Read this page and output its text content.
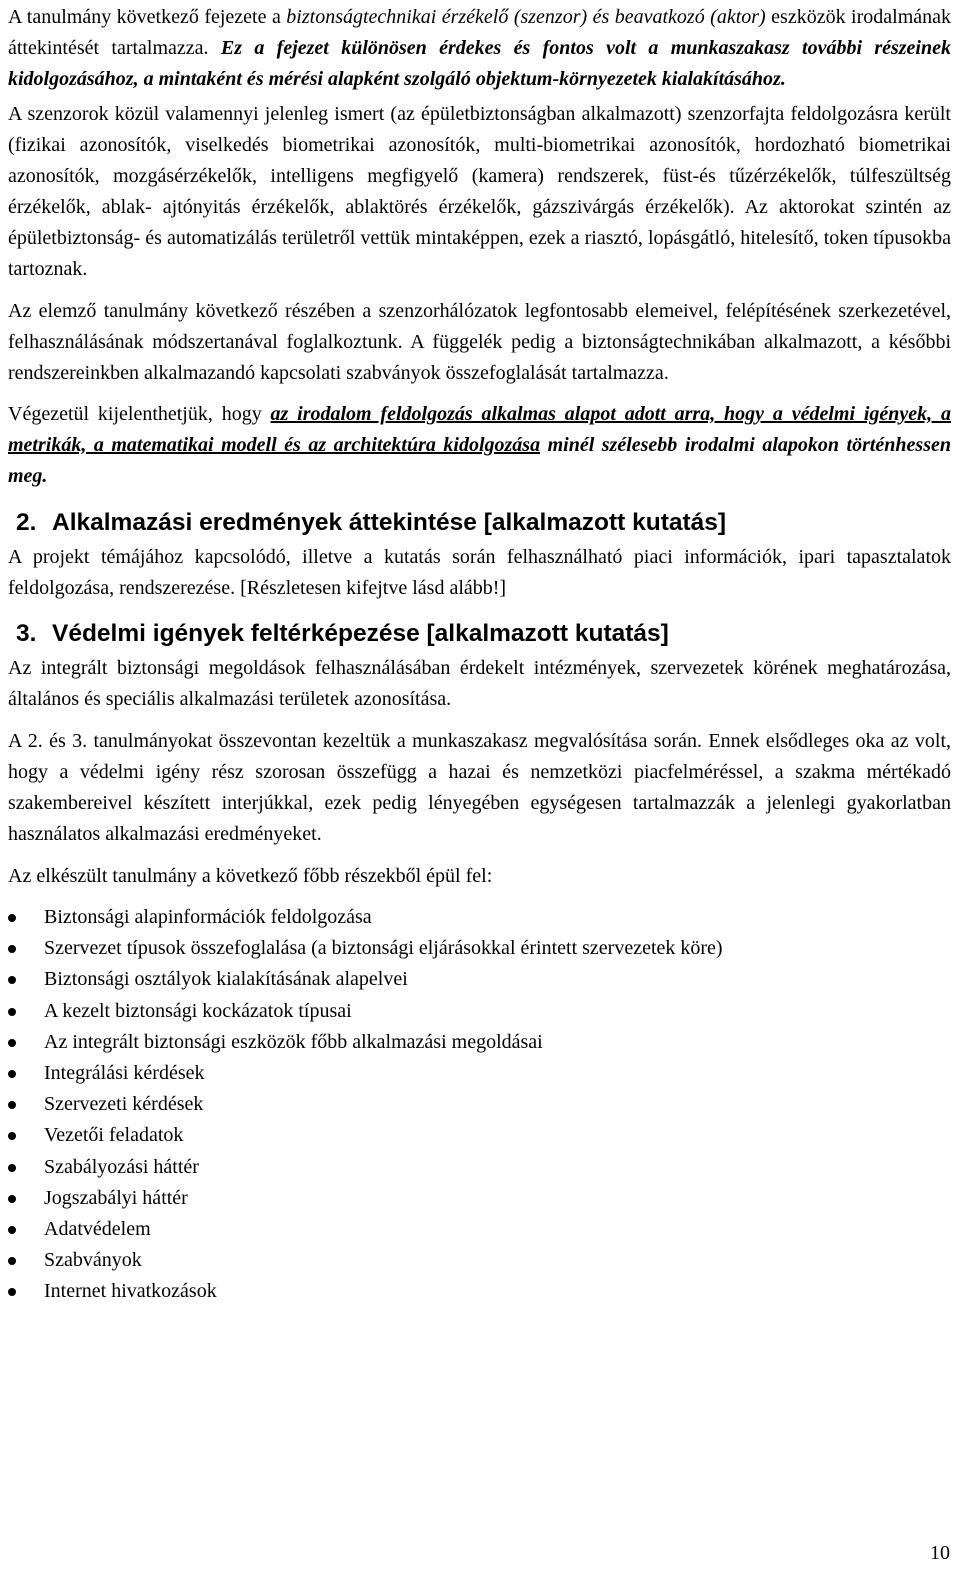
A tanulmány következő fejezete a biztonságtechnikai érzékelő (szenzor) és beavatkozó (aktor) eszközök irodalmának áttekintését tartalmazza. Ez a fejezet különösen érdekes és fontos volt a munkaszakasz további részeinek kidolgozásához, a mintaként és mérési alapként szolgáló objektum-környezetek kialakításához.

A szenzorok közül valamennyi jelenleg ismert (az épületbiztonságban alkalmazott) szenzorfajta feldolgozásra került (fizikai azonosítók, viselkedés biometrikai azonosítók, multi-biometrikai azonosítók, hordozható biometrikai azonosítók, mozgásérzékelők, intelligens megfigyelő (kamera) rendszerek, füst-és tűzérzékelők, túlfeszültség érzékelők, ablak- ajtónyitás érzékelők, ablaktörés érzékelők, gázszivárgás érzékelők). Az aktorokat szintén az épületbiztonság- és automatizálás területről vettük mintaképpen, ezek a riasztó, lopásgátló, hitelesítő, token típusokba tartoznak.

Az elemző tanulmány következő részében a szenzorhálózatok legfontosabb elemeivel, felépítésének szerkezetével, felhasználásának módszertanával foglalkoztunk. A függelék pedig a biztonságtechnikában alkalmazott, a későbbi rendszereinkben alkalmazandó kapcsolati szabványok összefoglalását tartalmazza.

Végezetül kijelenthetjük, hogy az irodalom feldolgozás alkalmas alapot adott arra, hogy a védelmi igények, a metrikák, a matematikai modell és az architektúra kidolgozása minél szélesebb irodalmi alapokon történhessen meg.

2. Alkalmazási eredmények áttekintése [alkalmazott kutatás]

A projekt témájához kapcsolódó, illetve a kutatás során felhasználható piaci információk, ipari tapasztalatok feldolgozása, rendszerezése. [Részletesen kifejtve lásd alább!]

3. Védelmi igények feltérképezése [alkalmazott kutatás]

Az integrált biztonsági megoldások felhasználásában érdekelt intézmények, szervezetek körének meghatározása, általános és speciális alkalmazási területek azonosítása.

A 2. és 3. tanulmányokat összevontan kezeltük a munkaszakasz megvalósítása során. Ennek elsődleges oka az volt, hogy a védelmi igény rész szorosan összefügg a hazai és nemzetközi piacfelméréssel, a szakma mértékadó szakembereivel készített interjúkkal, ezek pedig lényegében egységesen tartalmazzák a jelenlegi gyakorlatban használatos alkalmazási eredményeket.

Az elkészült tanulmány a következő főbb részekből épül fel:

Biztonsági alapinformációk feldolgozása
Szervezet típusok összefoglalása (a biztonsági eljárásokkal érintett szervezetek köre)
Biztonsági osztályok kialakításának alapelvei
A kezelt biztonsági kockázatok típusai
Az integrált biztonsági eszközök főbb alkalmazási megoldásai
Integrálási kérdések
Szervezeti kérdések
Vezetői feladatok
Szabályozási háttér
Jogszabályi háttér
Adatvédelem
Szabványok
Internet hivatkozások
10
